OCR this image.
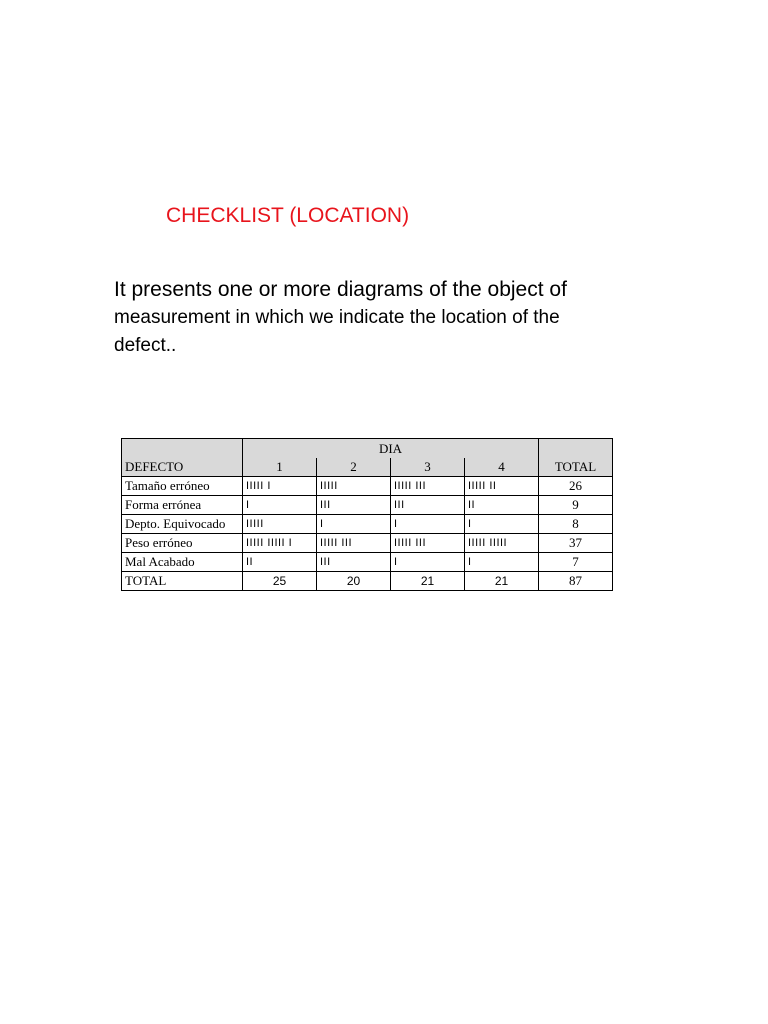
CHECKLIST (LOCATION)
It presents one or more diagrams of the object of
measurement in which we indicate the location of the
defect..
	DIA				
DEFECTO	1	2	3	4	TOTAL
Tamaño erróneo	IIIII I	IIIII	IIIII III	IIIII II	26
Forma errónea	I	III	III	II	9
Depto. Equivocado	IIIII	I	I	I	8
Peso erróneo	IIIII IIIII I	IIIII III	IIIII III	IIIII IIIII	37
Mal Acabado	II	III	I	I	7
TOTAL	25	20	21	21	87
